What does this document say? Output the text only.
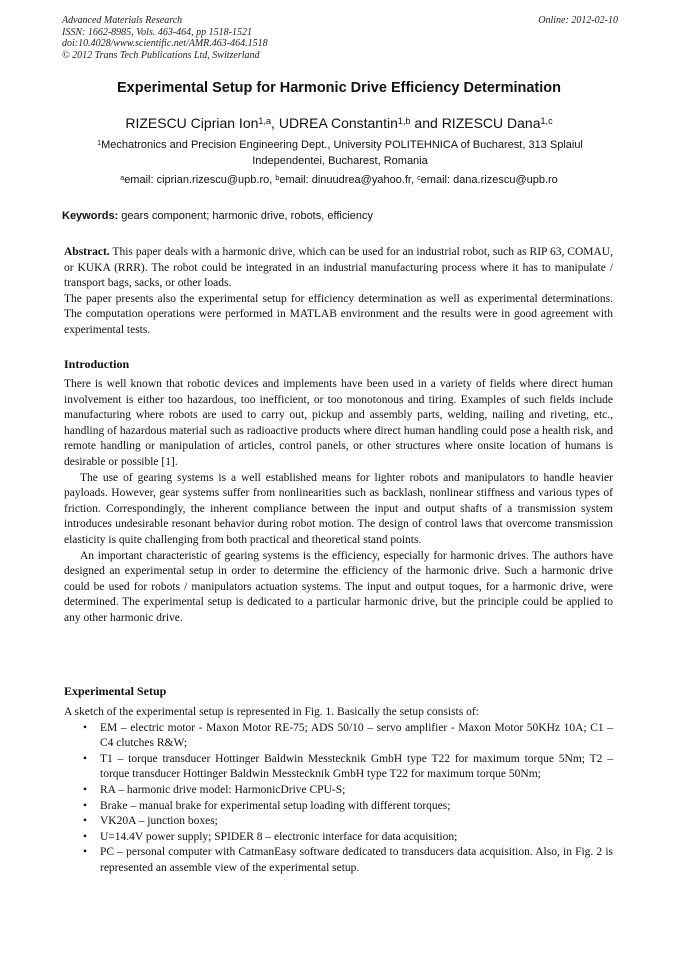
Advanced Materials Research
ISSN: 1662-8985, Vols. 463-464, pp 1518-1521
doi:10.4028/www.scientific.net/AMR.463-464.1518
© 2012 Trans Tech Publications Ltd, Switzerland
Online: 2012-02-10
Experimental Setup for Harmonic Drive Efficiency Determination
RIZESCU Ciprian Ion$^{1,a}$, UDREA Constantin$^{1,b}$ and RIZESCU Dana$^{1,c}$
$^1$Mechatronics and Precision Engineering Dept., University POLITEHNICA of Bucharest, 313 Splaiul Independentei, Bucharest, Romania
$^a$email: ciprian.rizescu@upb.ro, $^b$email: dinuudrea@yahoo.fr, $^c$email: dana.rizescu@upb.ro
Keywords: gears component; harmonic drive, robots, efficiency

Abstract. This paper deals with a harmonic drive, which can be used for an industrial robot, such as RIP 63, COMAU, or KUKA (RRR). The robot could be integrated in an industrial manufacturing process where it has to manipulate / transport bags, sacks, or other loads.

The paper presents also the experimental setup for efficiency determination as well as experimental determinations. The computation operations were performed in MATLAB environment and the results were in good agreement with experimental tests.

Introduction

There is well known that robotic devices and implements have been used in a variety of fields where direct human involvement is either too hazardous, too inefficient, or too monotonous and tiring. Examples of such fields include manufacturing where robots are used to carry out, pickup and assembly parts, welding, nailing and riveting, etc., handling of hazardous material such as radioactive products where direct human handling could pose a health risk, and remote handling or manipulation of articles, control panels, or other structures where onsite location of humans is desirable or possible [1].

The use of gearing systems is a well established means for lighter robots and manipulators to handle heavier payloads. However, gear systems suffer from nonlinearities such as backlash, nonlinear stiffness and various types of friction. Correspondingly, the inherent compliance between the input and output shafts of a transmission system introduces undesirable resonant behavior during robot motion. The design of control laws that overcome transmission elasticity is quite challenging from both practical and theoretical stand points.

An important characteristic of gearing systems is the efficiency, especially for harmonic drives. The authors have designed an experimental setup in order to determine the efficiency of the harmonic drive. Such a harmonic drive could be used for robots / manipulators actuation systems. The input and output toques, for a harmonic drive, were determined. The experimental setup is dedicated to a particular harmonic drive, but the principle could be applied to any other harmonic drive.

Experimental Setup

A sketch of the experimental setup is represented in Fig. 1. Basically the setup consists of:

• EM – electric motor - Maxon Motor RE-75; ADS 50/10 – servo amplifier - Maxon Motor 50KHz 10A; C1 – C4 clutches R&W;
• T1 – torque transducer Hottinger Baldwin Messtecknik GmbH type T22 for maximum torque 5Nm; T2 – torque transducer Hottinger Baldwin Messtecknik GmbH type T22 for maximum torque 50Nm;
• RA – harmonic drive model: HarmonicDrive CPU-S;
• Brake – manual brake for experimental setup loading with different torques;
• VK20A – junction boxes;
• U=14.4V power supply; SPIDER 8 – electronic interface for data acquisition;
• PC – personal computer with CatmanEasy software dedicated to transducers data acquisition. Also, in Fig. 2 is represented an assemble view of the experimental setup.
